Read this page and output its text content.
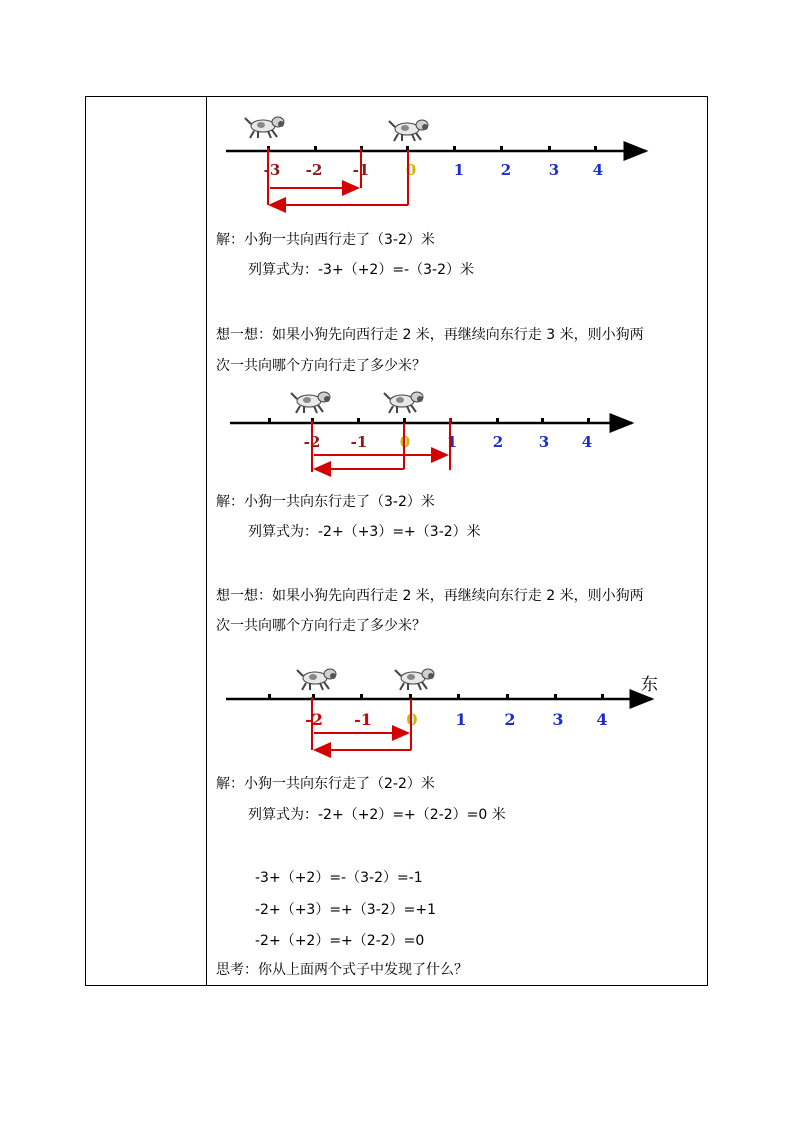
-3 -2 -1 0	1 2	3 4
-2 -1 0 1 2 3 4
东
-2 -1 0 1 2 3 4
解：小狗一共向西行走了（3-2）米
列算式为：-3+（+2）=-（3-2）米
想一想：如果小狗先向西行走 2 米，再继续向东行走 3 米，则小狗两
次一共向哪个方向行走了多少米？
解：小狗一共向东行走了（3-2）米
列算式为：-2+（+3）=+（3-2）米
想一想：如果小狗先向西行走 2 米，再继续向东行走 2 米，则小狗两
次一共向哪个方向行走了多少米？
解：小狗一共向东行走了（2-2）米
列算式为：-2+（+2）=+（2-2）=0 米
-3+（+2）=-（3-2）=-1
-2+（+3）=+（3-2）=+1
-2+（+2）=+（2-2）=0
思考：你从上面两个式子中发现了什么？
